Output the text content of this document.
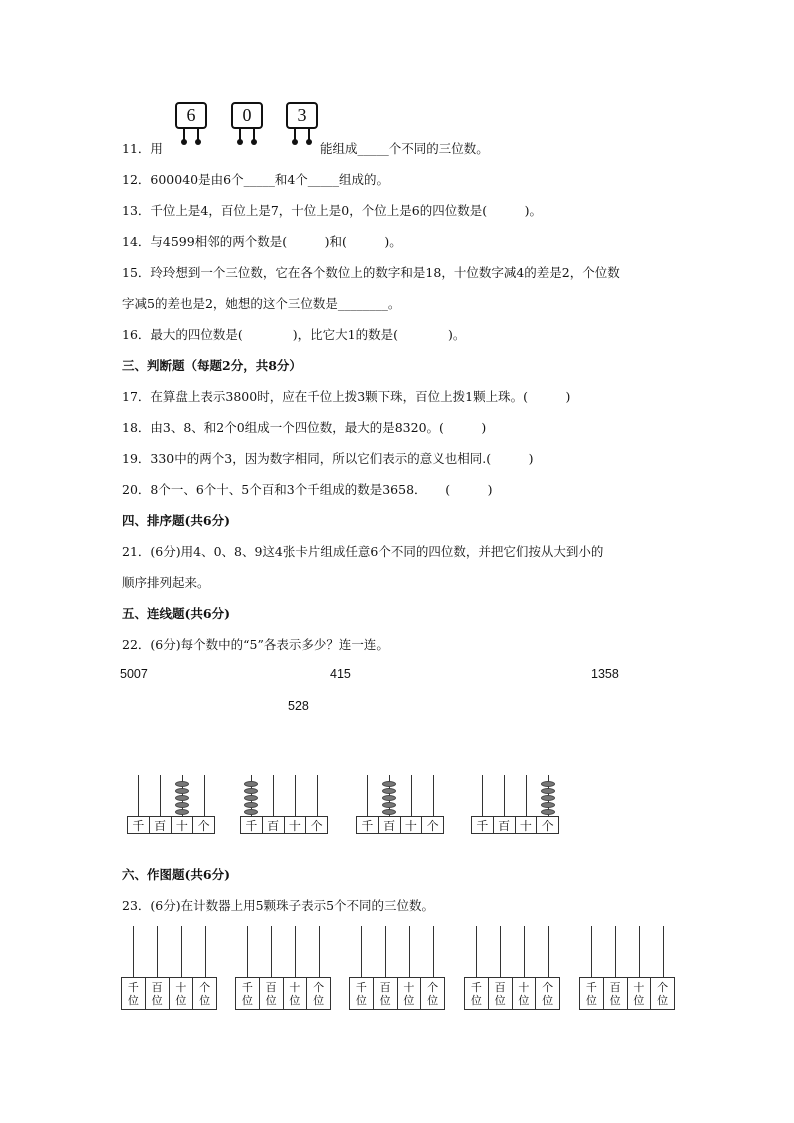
11．用
6	0	3
能组成_____个不同的三位数。
12．600040是由6个_____和4个_____组成的。
13．千位上是4，百位上是7，十位上是0，个位上是6的四位数是(　　　)。
14．与4599相邻的两个数是(　　　)和(　　　)。
15．玲玲想到一个三位数，它在各个数位上的数字和是18，十位数字减4的差是2，个位数
字减5的差也是2，她想的这个三位数是________。
16．最大的四位数是(　　　　)，比它大1的数是(　　　　)。
三、判断题（每题2分，共8分）
17．在算盘上表示3800时，应在千位上拨3颗下珠，百位上拨1颗上珠。(　　　)
18．由3、8、和2个0组成一个四位数，最大的是8320。(　　　)
19．330中的两个3，因为数字相同，所以它们表示的意义也相同.(　　　)
20．8个一、6个十、5个百和3个千组成的数是3658．　　(　　　)
四、排序题(共6分)
21．(6分)用4、0、8、9这4张卡片组成任意6个不同的四位数，并把它们按从大到小的
顺序排列起来。
五、连线题(共6分)
22．(6分)每个数中的“5”各表示多少？连一连。
5007	415	1358
528
千 百 十 个	千 百 十 个	千 百 十 个	千 百 十 个
六、作图题(共6分)
23．(6分)在计数器上用5颗珠子表示5个不同的三位数。
千
位
百
位
十
位
个
位
千
位
百
位
十
位
个
位
千
位
百
位
十
位
个
位
千
位
百
位
十
位
个
位
千
位
百
位
十
位
个
位
